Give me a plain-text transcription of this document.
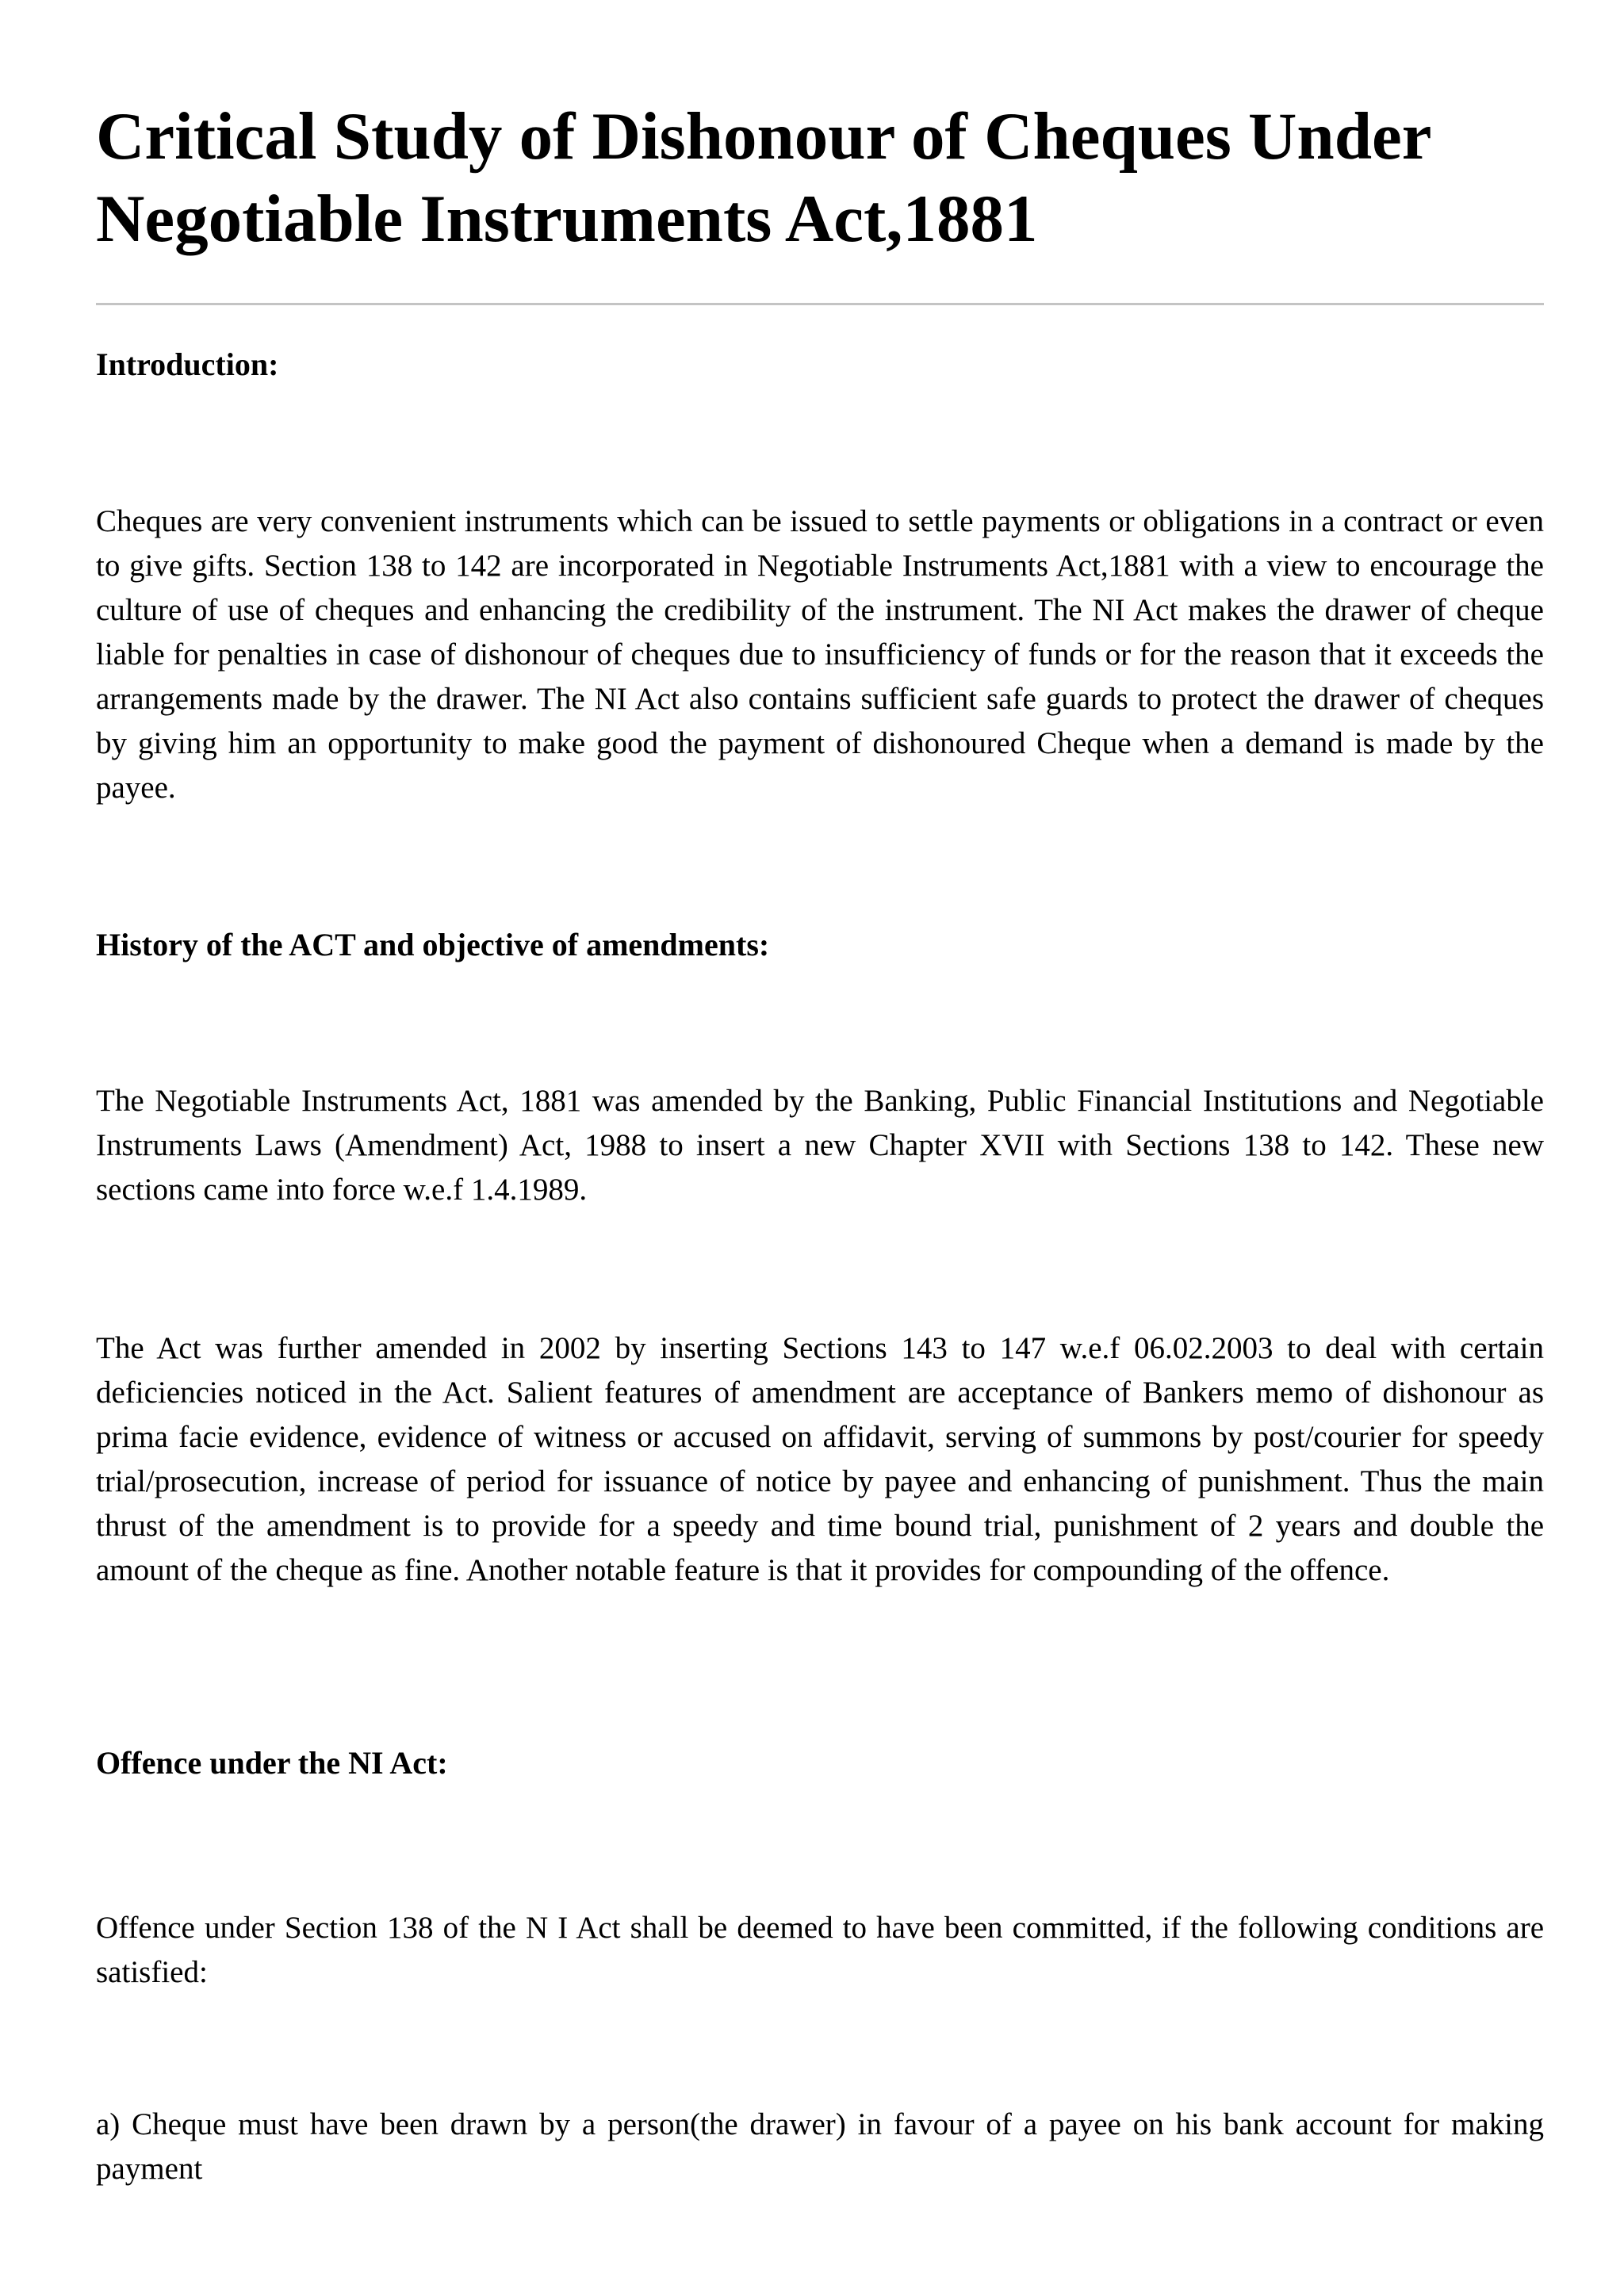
Critical Study of Dishonour of Cheques Under Negotiable Instruments Act,1881
Introduction:

Cheques are very convenient instruments which can be issued to settle payments or obligations in a contract or even to give gifts. Section 138 to 142 are incorporated in Negotiable Instruments Act,1881 with a view to encourage the culture of use of cheques and enhancing the credibility of the instrument. The NI Act makes the drawer of cheque liable for penalties in case of dishonour of cheques due to insufficiency of funds or for the reason that it exceeds the arrangements made by the drawer. The NI Act also contains sufficient safe guards to protect the drawer of cheques by giving him an opportunity to make good the payment of dishonoured Cheque when a demand is made by the payee.

History of the ACT and objective of amendments:

The Negotiable Instruments Act, 1881 was amended by the Banking, Public Financial Institutions and Negotiable Instruments Laws (Amendment) Act, 1988 to insert a new Chapter XVII with Sections 138 to 142. These new sections came into force w.e.f 1.4.1989.

The Act was further amended in 2002 by inserting Sections 143 to 147 w.e.f 06.02.2003 to deal with certain deficiencies noticed in the Act. Salient features of amendment are acceptance of Bankers memo of dishonour as prima facie evidence, evidence of witness or accused on affidavit, serving of summons by post/courier for speedy trial/prosecution, increase of period for issuance of notice by payee and enhancing of punishment. Thus the main thrust of the amendment is to provide for a speedy and time bound trial, punishment of 2 years and double the amount of the cheque as fine. Another notable feature is that it provides for compounding of the offence.

Offence under the NI Act:

Offence under Section 138 of the N I Act shall be deemed to have been committed, if the following conditions are satisfied:

a) Cheque must have been drawn by a person(the drawer) in favour of a payee on his bank account for making payment
